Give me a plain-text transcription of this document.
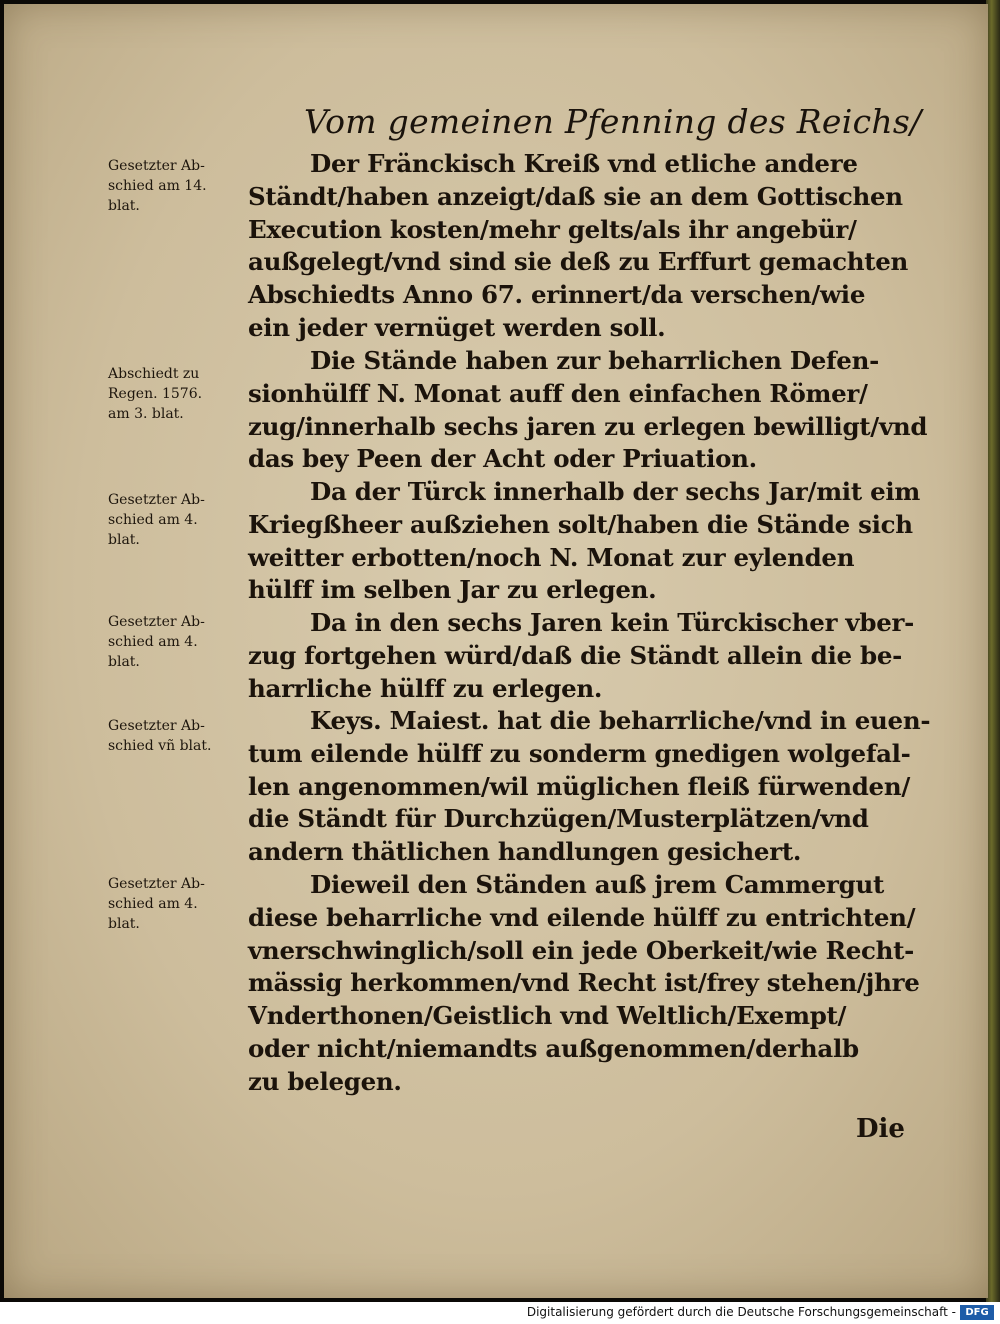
Vom gemeinen Pfenning des Reichs/
Gesetzter Ab-
schied am 14.
blat.
Abschiedt zu
Regen. 1576.
am 3. blat.
Gesetzter Ab-
schied am 4.
blat.
Gesetzter Ab-
schied am 4.
blat.
Gesetzter Ab-
schied vñ blat.
Gesetzter Ab-
schied am 4.
blat.
Der Fränckisch Kreiß vnd etliche andere
Ständt/haben anzeigt/daß sie an dem Gottischen
Execution kosten/mehr gelts/als ihr angebür/
außgelegt/vnd sind sie deß zu Erffurt gemachten
Abschiedts Anno 67. erinnert/da verschen/wie
ein jeder vernüget werden soll.
Die Stände haben zur beharrlichen Defen-
sionhülff N. Monat auff den einfachen Römer/
zug/innerhalb sechs jaren zu erlegen bewilligt/vnd
das bey Peen der Acht oder Priuation.
Da der Türck innerhalb der sechs Jar/mit eim
Kriegßheer außziehen solt/haben die Stände sich
weitter erbotten/noch N. Monat zur eylenden
hülff im selben Jar zu erlegen.
Da in den sechs Jaren kein Türckischer vber-
zug fortgehen würd/daß die Ständt allein die be-
harrliche hülff zu erlegen.
Keys. Maiest. hat die beharrliche/vnd in euen-
tum eilende hülff zu sonderm gnedigen wolgefal-
len angenommen/wil müglichen fleiß fürwenden/
die Ständt für Durchzügen/Musterplätzen/vnd
andern thätlichen handlungen gesichert.
Dieweil den Ständen auß jrem Cammergut
diese beharrliche vnd eilende hülff zu entrichten/
vnerschwinglich/soll ein jede Oberkeit/wie Recht-
mässig herkommen/vnd Recht ist/frey stehen/jhre
Vnderthonen/Geistlich vnd Weltlich/Exempt/
oder nicht/niemandts außgenommen/derhalb
zu belegen.
Die
Digitalisierung gefördert durch die Deutsche Forschungsgemeinschaft - DFG
